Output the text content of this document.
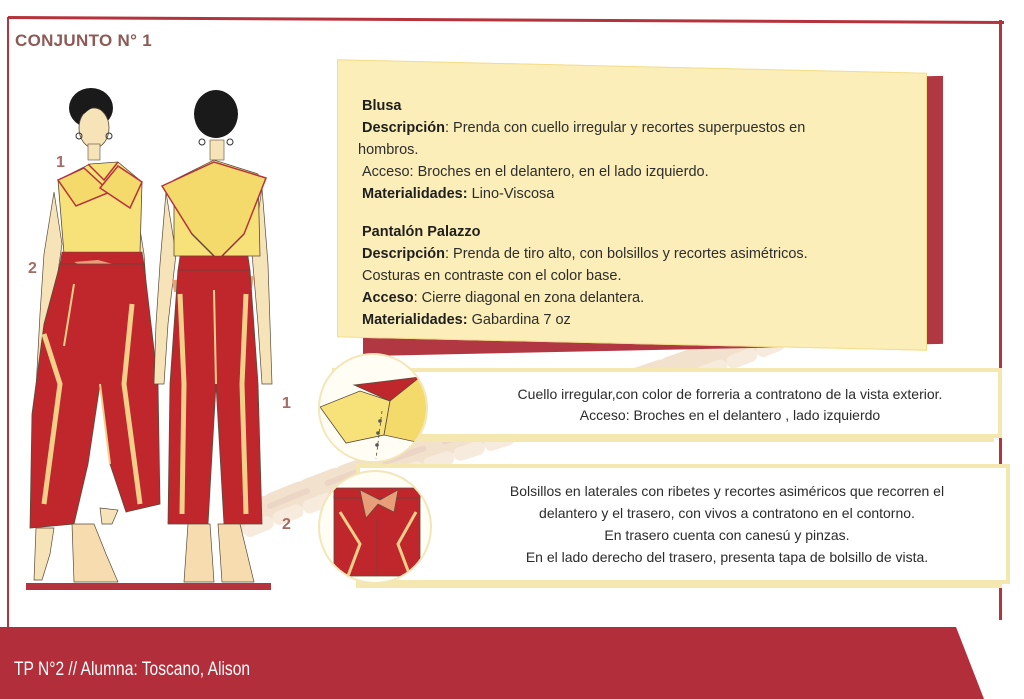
CONJUNTO N° 1
1
2
Blusa
Descripción: Prenda con cuello irregular y recortes superpuestos en
hombros.
Acceso: Broches en el delantero, en el lado izquierdo.
Materialidades: Lino-Viscosa
Pantalón Palazzo
Descripción: Prenda de tiro alto, con bolsillos y recortes asimétricos.
Costuras en contraste con el color base.
Acceso: Cierre diagonal en zona delantera.
Materialidades: Gabardina 7 oz
1
Cuello irregular,con color de forreria a contratono de la vista exterior.
Acceso: Broches en el delantero , lado izquierdo
2
Bolsillos en laterales con ribetes y recortes asiméricos que recorren el
delantero y el trasero, con vivos a contratono en el contorno.
En trasero cuenta con canesú y pinzas.
En el lado derecho del trasero, presenta tapa de bolsillo de vista.
TP N°2 // Alumna: Toscano, Alison
